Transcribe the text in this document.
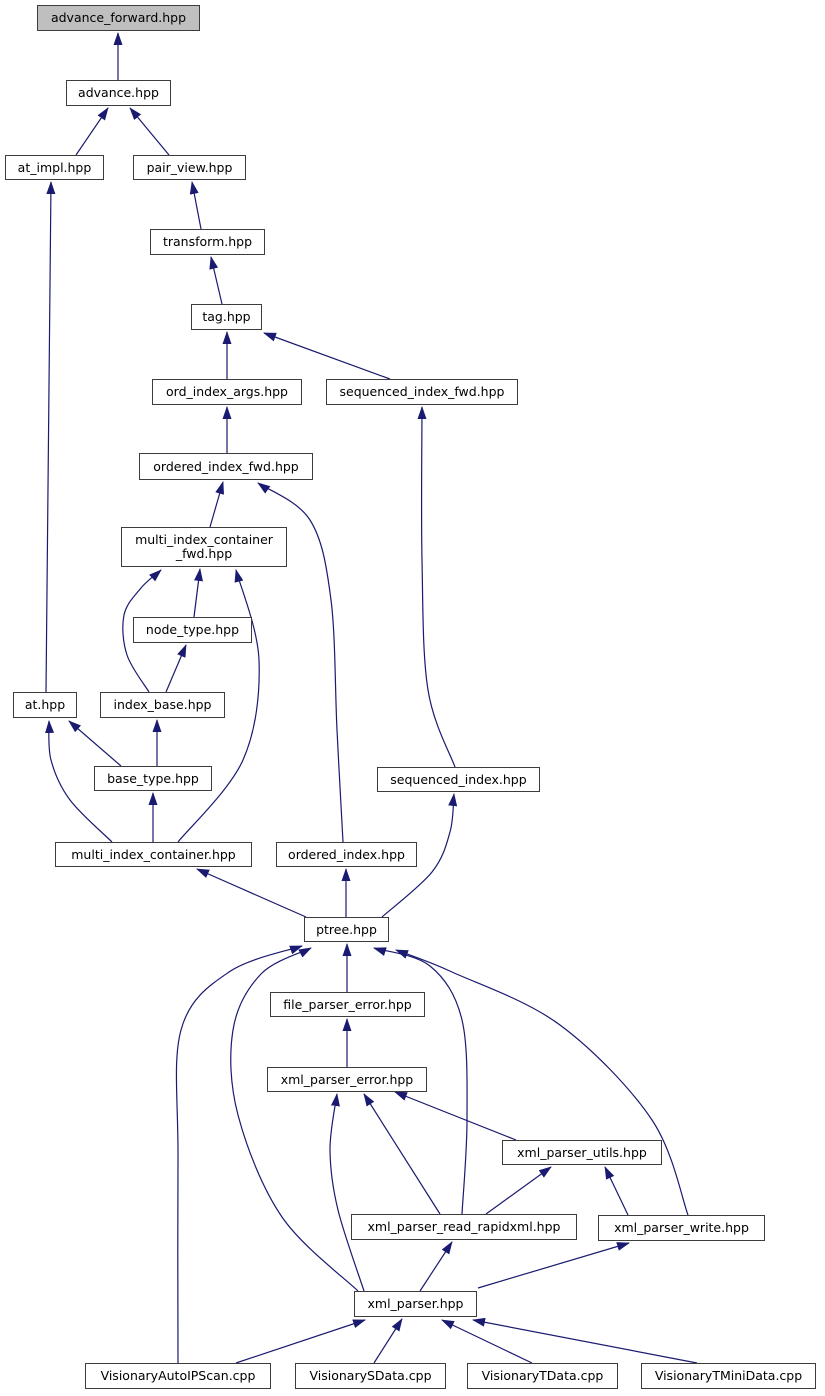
advance_forward.hpp
advance.hpp
at_impl.hpp	pair_view.hpp
transform.hpp
tag.hpp
ord_index_args.hpp	sequenced_index_fwd.hpp
ordered_index_fwd.hpp
multi_index_container
_fwd.hpp
node_type.hpp
at.hpp	index_base.hpp
base_type.hpp
multi_index_container.hpp
sequenced_index.hpp
ordered_index.hpp
ptree.hpp
file_parser_error.hpp
xml_parser_error.hpp
xml_parser_utils.hpp
xml_parser_read_rapidxml.hpp	xml_parser_write.hpp
xml_parser.hpp
VisionaryAutoIPScan.cpp	VisionarySData.cpp	VisionaryTData.cpp	VisionaryTMiniData.cpp
